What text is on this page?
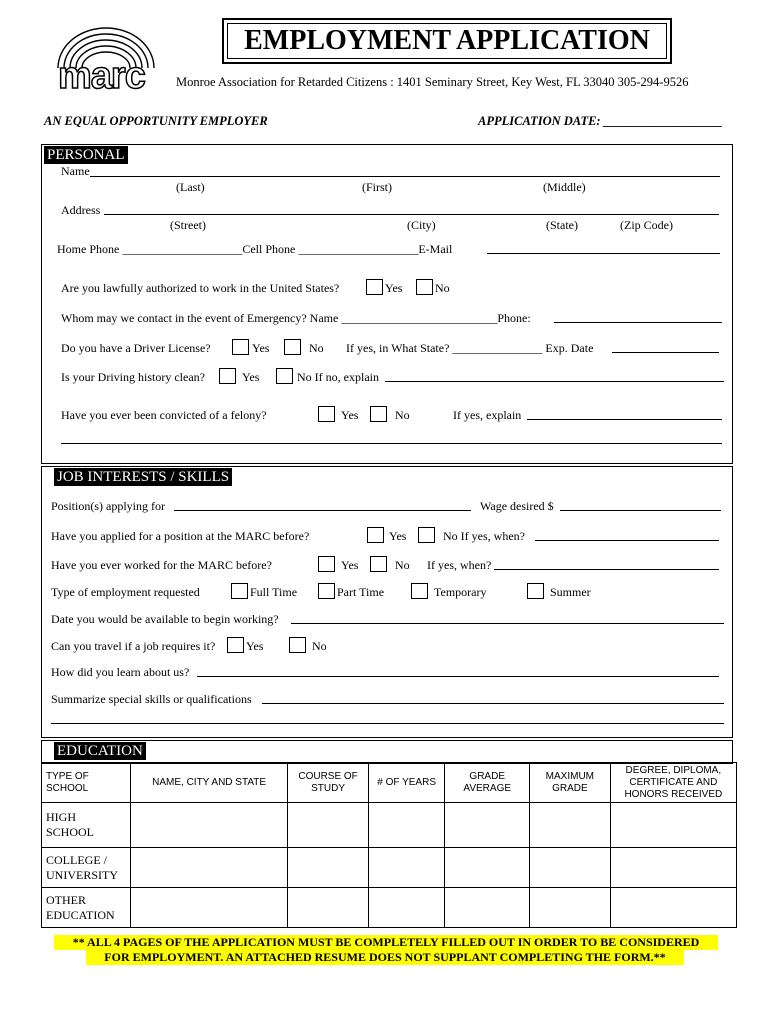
marc
EMPLOYMENT APPLICATION
Monroe Association for Retarded Citizens : 1401 Seminary Street, Key West, FL 33040 305-294-9526
AN EQUAL OPPORTUNITY EMPLOYER	APPLICATION DATE: ___________________
PERSONAL
Name
(Last)	(First)	(Middle)
Address
(Street)	(City)	(State)	(Zip Code)
Home Phone ____________________Cell Phone ____________________E-Mail
Are you lawfully authorized to work in the United States?	Yes	No
Whom may we contact in the event of Emergency? Name __________________________Phone:
Do you have a Driver License?	Yes	No If yes, in What State? _______________ Exp. Date
Is your Driving history clean?	Yes	No If no, explain
Have you ever been convicted of a felony?	Yes	No	If yes, explain
JOB INTERESTS / SKILLS
Position(s) applying for	Wage desired $
Have you applied for a position at the MARC before?	Yes	No If yes, when?
Have you ever worked for the MARC before?	Yes	No If yes, when?
Type of employment requested	Full Time	Part Time	Temporary	Summer
Date you would be available to begin working?
Can you travel if a job requires it?	Yes	No
How did you learn about us?
Summarize special skills or qualifications
EDUCATION
TYPE OF SCHOOL	NAME, CITY AND STATE	COURSE OF STUDY	# OF YEARS	GRADE AVERAGE	MAXIMUM GRADE	DEGREE, DIPLOMA, CERTIFICATE AND HONORS RECEIVED
HIGH SCHOOL						
COLLEGE / UNIVERSITY						
OTHER EDUCATION						
** ALL 4 PAGES OF THE APPLICATION MUST BE COMPLETELY FILLED OUT IN ORDER TO BE CONSIDERED
FOR EMPLOYMENT. AN ATTACHED RESUME DOES NOT SUPPLANT COMPLETING THE FORM.**
